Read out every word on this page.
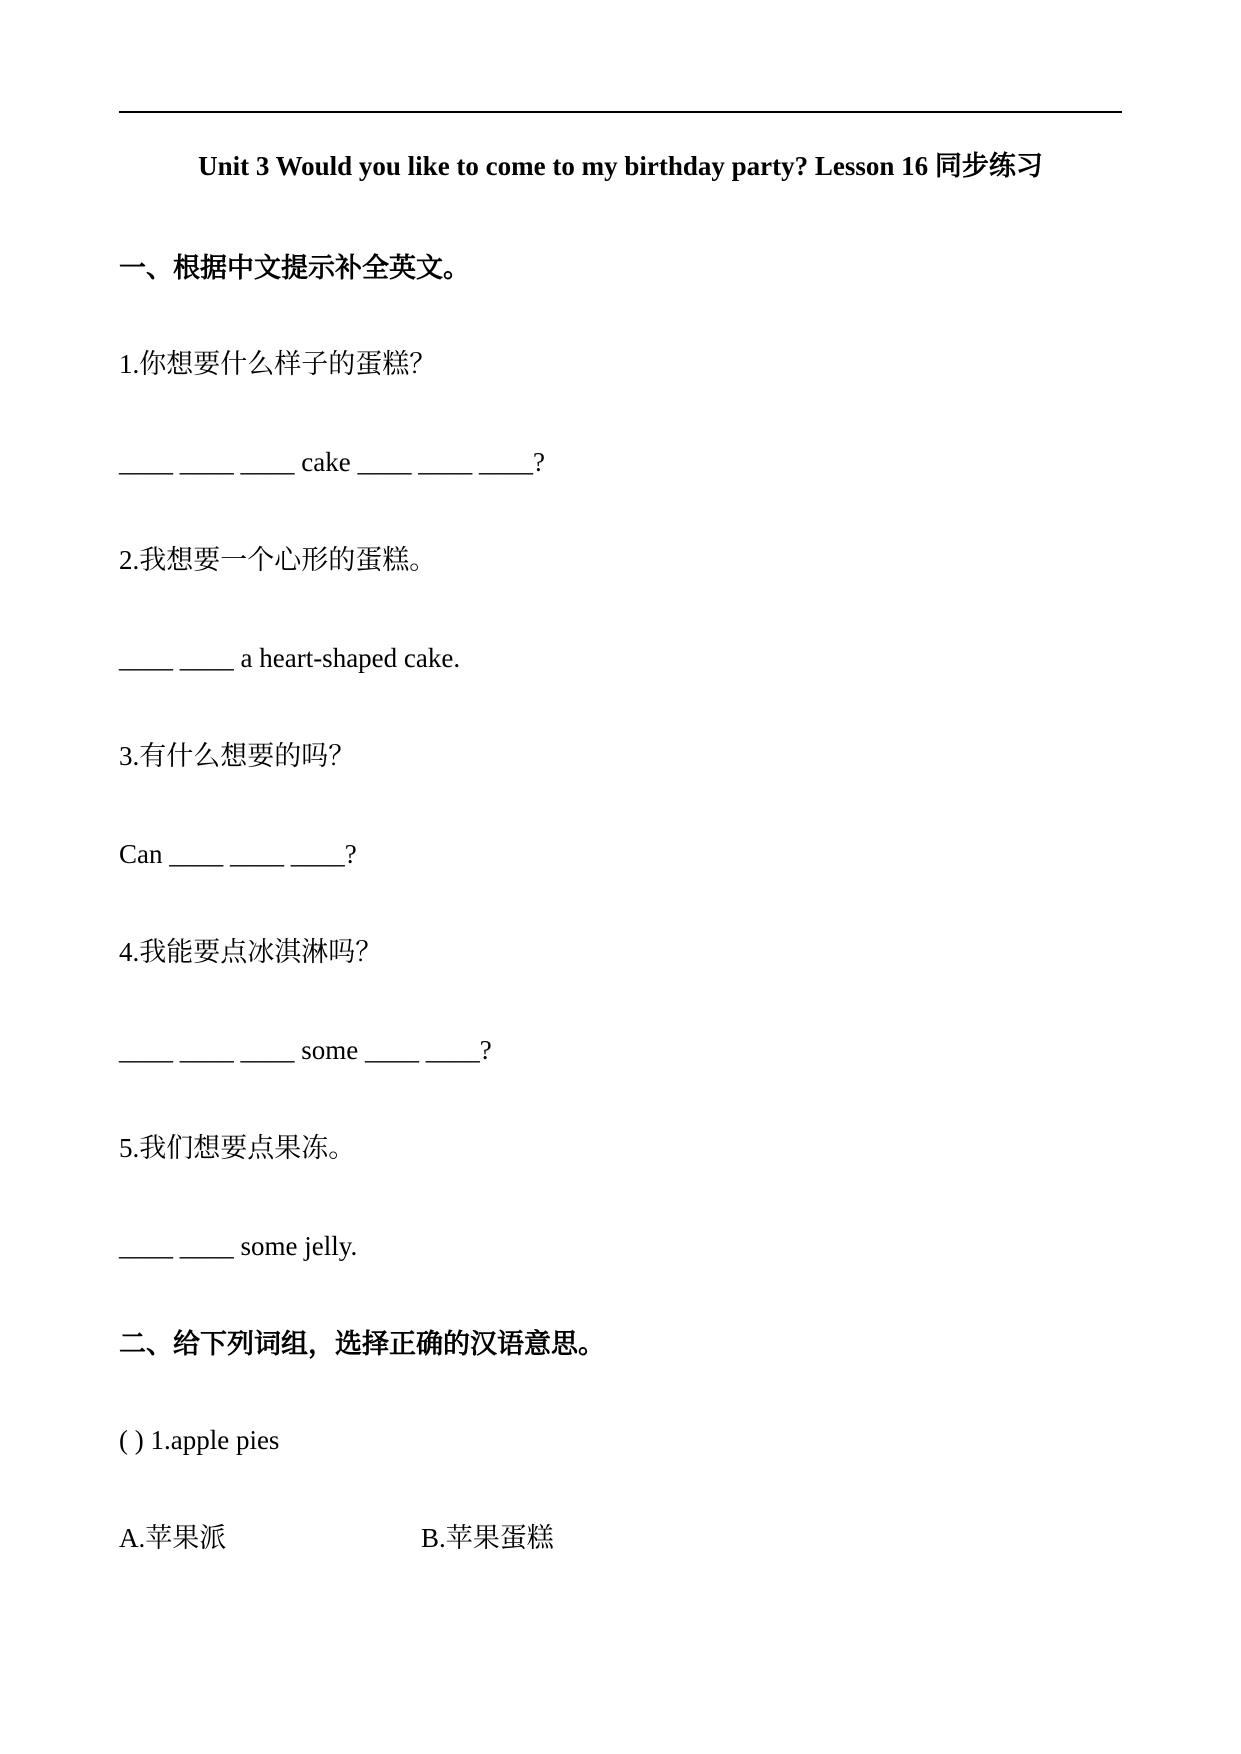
Unit 3 Would you like to come to my birthday party? Lesson 16 同步练习
一、根据中文提示补全英文。
1.你想要什么样子的蛋糕？
____ ____ ____ cake ____ ____ ____?
2.我想要一个心形的蛋糕。
____ ____ a heart-shaped cake.
3.有什么想要的吗？
Can ____ ____ ____?
4.我能要点冰淇淋吗？
____ ____ ____ some ____ ____?
5.我们想要点果冻。
____ ____ some jelly.
二、给下列词组，选择正确的汉语意思。
( ) 1.apple pies
A.苹果派	B.苹果蛋糕
